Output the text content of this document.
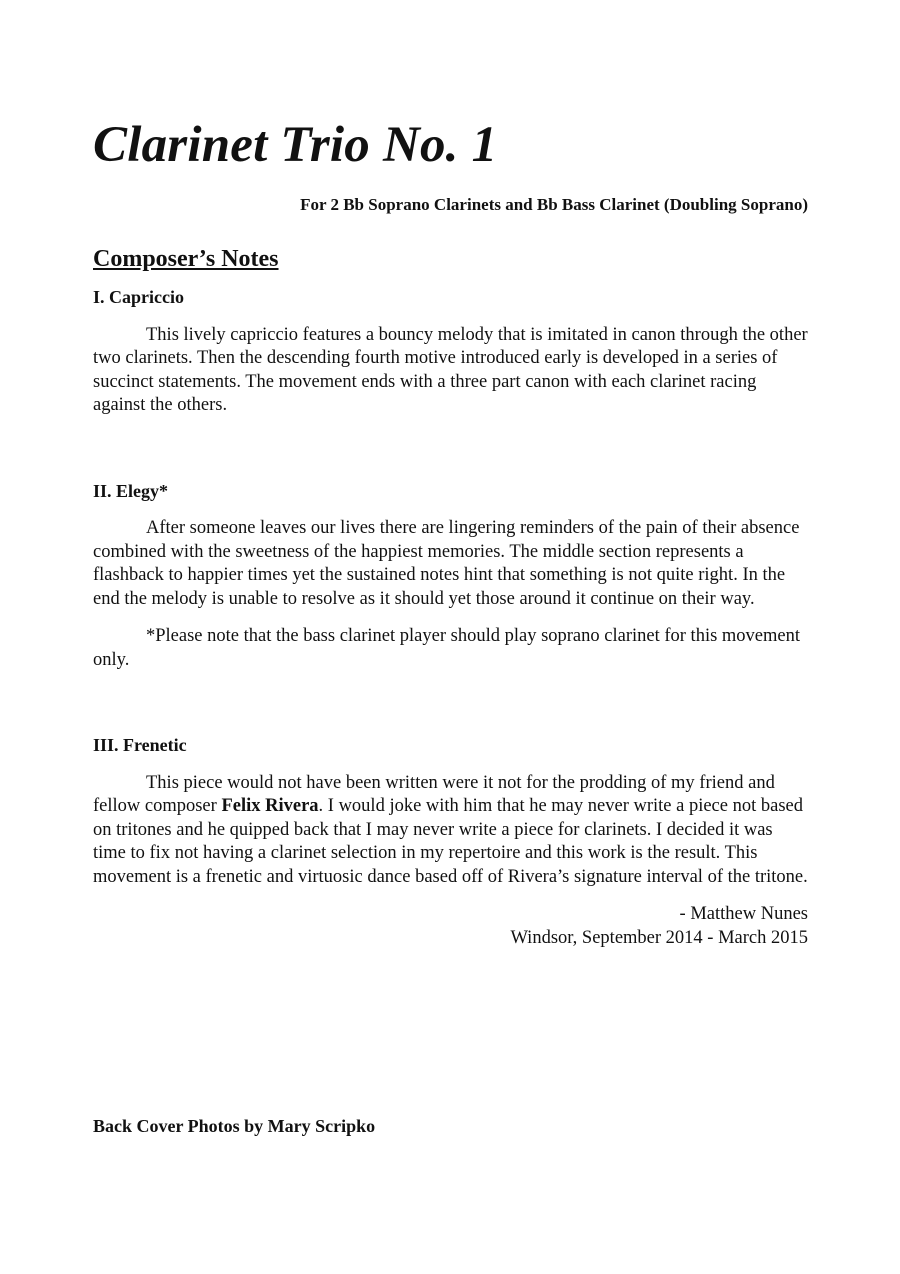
Clarinet Trio No. 1
For 2 Bb Soprano Clarinets and Bb Bass Clarinet (Doubling Soprano)
Composer’s Notes
I. Capriccio

This lively capriccio features a bouncy melody that is imitated in canon through the other two clarinets. Then the descending fourth motive introduced early is developed in a series of succinct statements. The movement ends with a three part canon with each clarinet racing against the others.

II. Elegy*

After someone leaves our lives there are lingering reminders of the pain of their absence combined with the sweetness of the happiest memories. The middle section represents a flashback to happier times yet the sustained notes hint that something is not quite right. In the end the melody is unable to resolve as it should yet those around it continue on their way.

*Please note that the bass clarinet player should play soprano clarinet for this movement only.

III. Frenetic

This piece would not have been written were it not for the prodding of my friend and fellow composer Felix Rivera. I would joke with him that he may never write a piece not based on tritones and he quipped back that I may never write a piece for clarinets. I decided it was time to fix not having a clarinet selection in my repertoire and this work is the result. This movement is a frenetic and virtuosic dance based off of Rivera’s signature interval of the tritone.

- Matthew Nunes
Windsor, September 2014 - March 2015
Back Cover Photos by Mary Scripko
